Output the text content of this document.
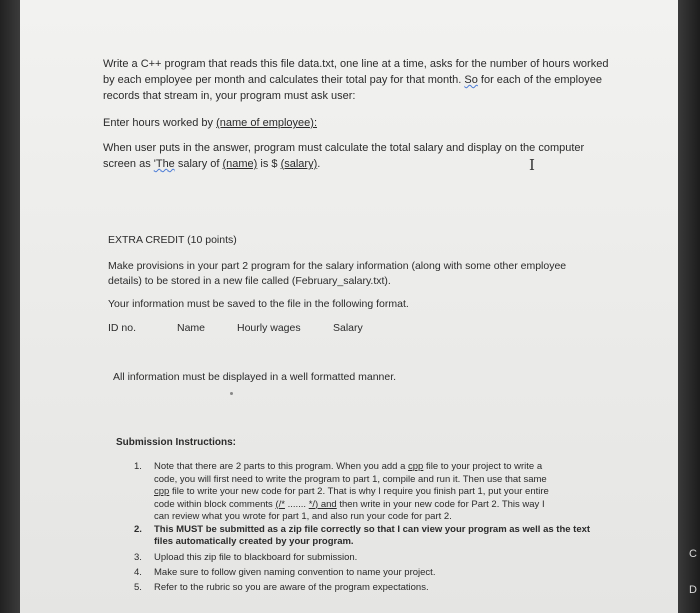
Write a C++ program that reads this file data.txt, one line at a time, asks for the number of hours worked
by each employee per month and calculates their total pay for that month. So for each of the employee
records that stream in, your program must ask user:
Enter hours worked by (name of employee):
When user puts in the answer, program must calculate the total salary and display on the computer
screen as 'The salary of (name) is $ (salary).	I
EXTRA CREDIT (10 points)
Make provisions in your part 2 program for the salary information (along with some other employee
details) to be stored in a new file called (February_salary.txt).
Your information must be saved to the file in the following format.
ID no.	Name	Hourly wages	Salary
All information must be displayed in a well formatted manner.
Submission Instructions:
1. Note that there are 2 parts to this program. When you add a cpp file to your project to write a
code, you will first need to write the program to part 1, compile and run it. Then use that same
cpp file to write your new code for part 2. That is why I require you finish part 1, put your entire
code within block comments (/* ....... */) and then write in your new code for Part 2. This way I
can review what you wrote for part 1, and also run your code for part 2.
2. This MUST be submitted as a zip file correctly so that I can view your program as well as the text
files automatically created by your program.
3. Upload this zip file to blackboard for submission.
4. Make sure to follow given naming convention to name your project.
5. Refer to the rubric so you are aware of the program expectations.
C
D
